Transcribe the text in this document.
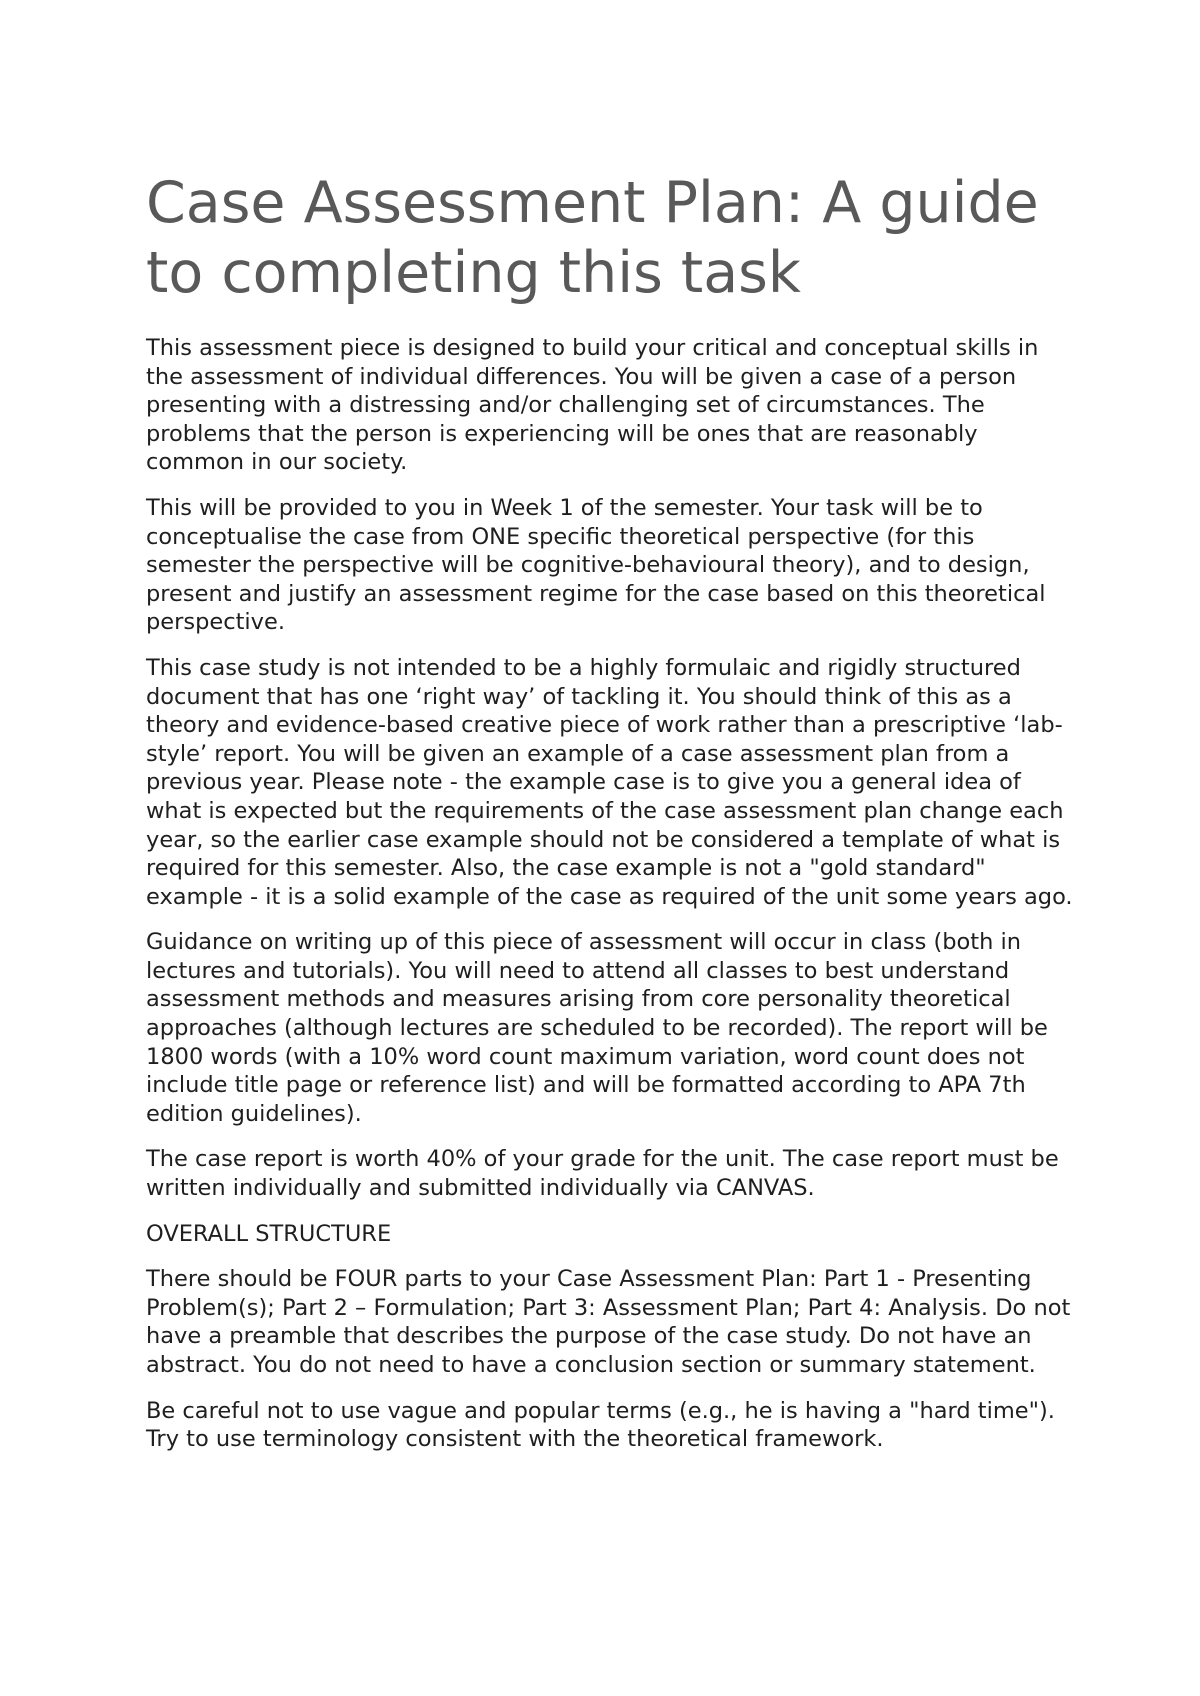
Case Assessment Plan: A guide to completing this task

This assessment piece is designed to build your critical and conceptual skills in the assessment of individual differences. You will be given a case of a person presenting with a distressing and/or challenging set of circumstances. The problems that the person is experiencing will be ones that are reasonably common in our society.

This will be provided to you in Week 1 of the semester. Your task will be to conceptualise the case from ONE specific theoretical perspective (for this semester the perspective will be cognitive-behavioural theory), and to design, present and justify an assessment regime for the case based on this theoretical perspective.

This case study is not intended to be a highly formulaic and rigidly structured document that has one ‘right way’ of tackling it. You should think of this as a theory and evidence-based creative piece of work rather than a prescriptive ‘lab-style’ report. You will be given an example of a case assessment plan from a previous year. Please note - the example case is to give you a general idea of what is expected but the requirements of the case assessment plan change each year, so the earlier case example should not be considered a template of what is required for this semester. Also, the case example is not a "gold standard" example - it is a solid example of the case as required of the unit some years ago.

Guidance on writing up of this piece of assessment will occur in class (both in lectures and tutorials). You will need to attend all classes to best understand assessment methods and measures arising from core personality theoretical approaches (although lectures are scheduled to be recorded). The report will be 1800 words (with a 10% word count maximum variation, word count does not include title page or reference list) and will be formatted according to APA 7th edition guidelines).

The case report is worth 40% of your grade for the unit. The case report must be written individually and submitted individually via CANVAS.

OVERALL STRUCTURE

There should be FOUR parts to your Case Assessment Plan: Part 1 - Presenting Problem(s); Part 2 – Formulation; Part 3: Assessment Plan; Part 4: Analysis. Do not have a preamble that describes the purpose of the case study. Do not have an abstract. You do not need to have a conclusion section or summary statement.

Be careful not to use vague and popular terms (e.g., he is having a "hard time"). Try to use terminology consistent with the theoretical framework.
